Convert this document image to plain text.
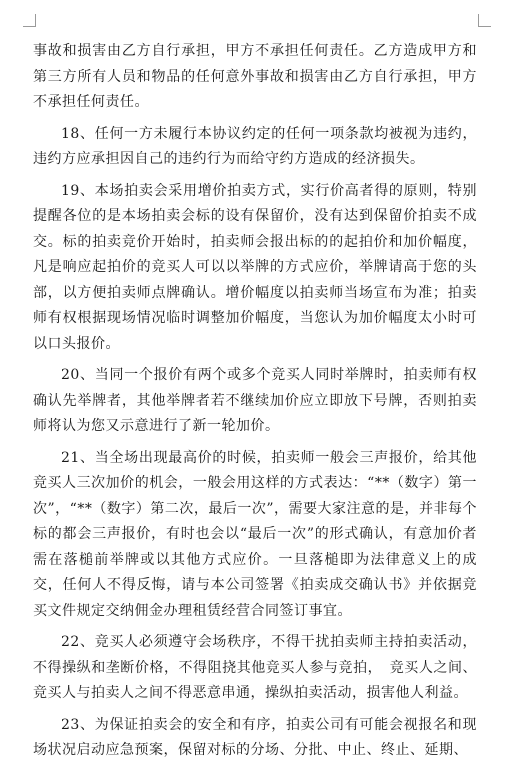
事故和损害由乙方自行承担，甲方不承担任何责任。乙方造成甲方和第三方所有人员和物品的任何意外事故和损害由乙方自行承担，甲方不承担任何责任。

18、任何一方未履行本协议约定的任何一项条款均被视为违约，违约方应承担因自己的违约行为而给守约方造成的经济损失。

19、本场拍卖会采用增价拍卖方式，实行价高者得的原则，特别提醒各位的是本场拍卖会标的设有保留价，没有达到保留价拍卖不成交。标的拍卖竞价开始时，拍卖师会报出标的的起拍价和加价幅度，凡是响应起拍价的竞买人可以以举牌的方式应价，举牌请高于您的头部，以方便拍卖师点牌确认。增价幅度以拍卖师当场宣布为准；拍卖师有权根据现场情况临时调整加价幅度，当您认为加价幅度太小时可以口头报价。

20、当同一个报价有两个或多个竞买人同时举牌时，拍卖师有权确认先举牌者，其他举牌者若不继续加价应立即放下号牌，否则拍卖师将认为您又示意进行了新一轮加价。

21、当全场出现最高价的时候，拍卖师一般会三声报价，给其他竞买人三次加价的机会，一般会用这样的方式表达：“**（数字）第一次”，“**（数字）第二次，最后一次”，需要大家注意的是，并非每个标的都会三声报价，有时也会以“最后一次”的形式确认，有意加价者需在落槌前举牌或以其他方式应价。一旦落槌即为法律意义上的成交，任何人不得反悔，请与本公司签署《拍卖成交确认书》并依据竞买文件规定交纳佣金办理租赁经营合同签订事宜。

22、竞买人必须遵守会场秩序，不得干扰拍卖师主持拍卖活动，不得操纵和垄断价格，不得阻挠其他竞买人参与竞拍，　竞买人之间、竞买人与拍卖人之间不得恶意串通，操纵拍卖活动，损害他人利益。

23、为保证拍卖会的安全和有序，拍卖公司有可能会视报名和现场状况启动应急预案，保留对标的分场、分批、中止、终止、延期、
